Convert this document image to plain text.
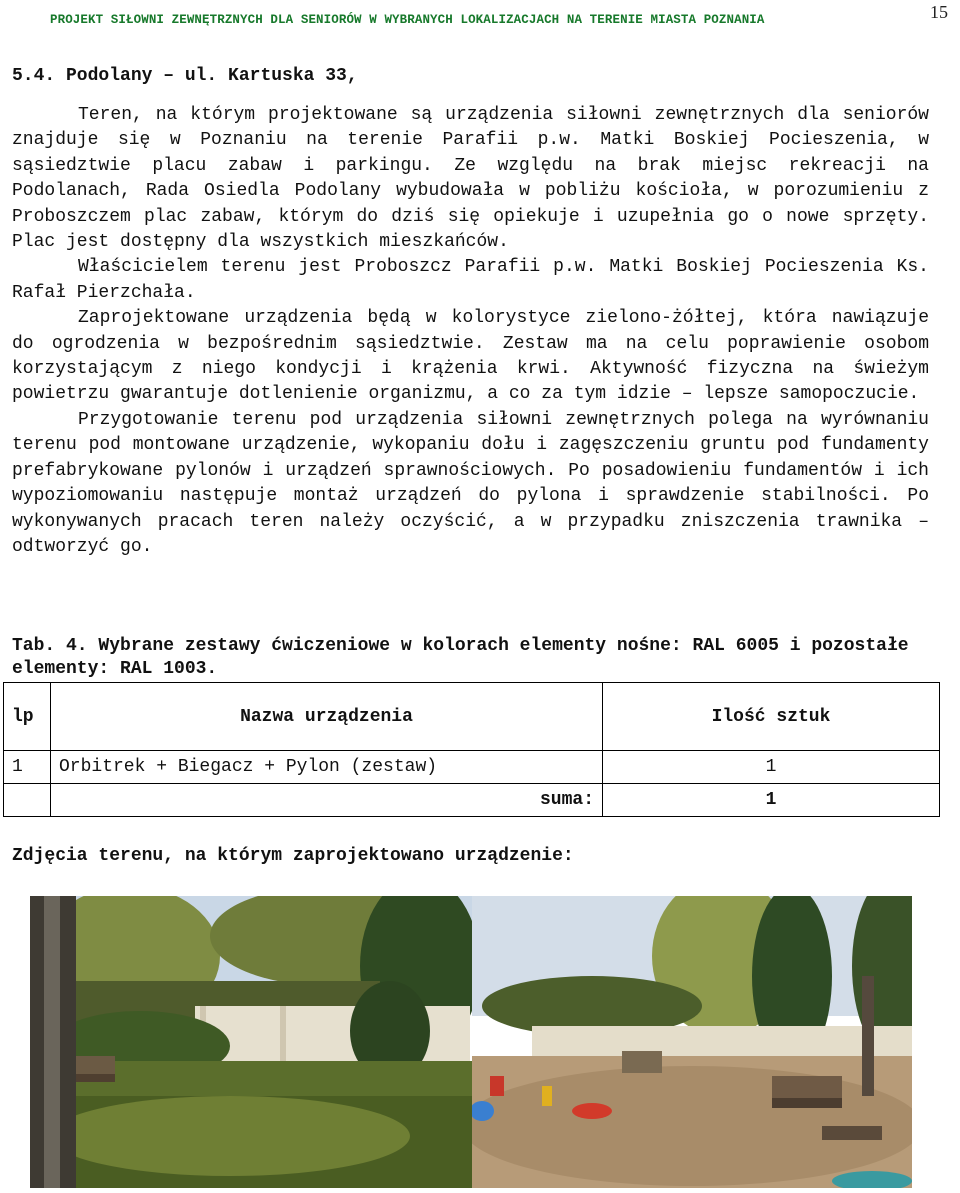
PROJEKT SIŁOWNI ZEWNĘTRZNYCH DLA SENIORÓW W WYBRANYCH LOKALIZACJACH NA TERENIE MIASTA POZNANIA	15
5.4. Podolany – ul. Kartuska 33,

Teren, na którym projektowane są urządzenia siłowni zewnętrznych dla seniorów znajduje się w Poznaniu na terenie Parafii p.w. Matki Boskiej Pocieszenia, w sąsiedztwie placu zabaw i parkingu. Ze względu na brak miejsc rekreacji na Podolanach, Rada Osiedla Podolany wybudowała w pobliżu kościoła, w porozumieniu z Proboszczem plac zabaw, którym do dziś się opiekuje i uzupełnia go o nowe sprzęty. Plac jest dostępny dla wszystkich mieszkańców.

Właścicielem terenu jest Proboszcz Parafii p.w. Matki Boskiej Pocieszenia Ks. Rafał Pierzchała.

Zaprojektowane urządzenia będą w kolorystyce zielono-żółtej, która nawiązuje do ogrodzenia w bezpośrednim sąsiedztwie. Zestaw ma na celu poprawienie osobom korzystającym z niego kondycji i krążenia krwi. Aktywność fizyczna na świeżym powietrzu gwarantuje dotlenienie organizmu, a co za tym idzie – lepsze samopoczucie.

Przygotowanie terenu pod urządzenia siłowni zewnętrznych polega na wyrównaniu terenu pod montowane urządzenie, wykopaniu dołu i zagęszczeniu gruntu pod fundamenty prefabrykowane pylonów i urządzeń sprawnościowych. Po posadowieniu fundamentów i ich wypoziomowaniu następuje montaż urządzeń do pylona i sprawdzenie stabilności. Po wykonywanych pracach teren należy oczyścić, a w przypadku zniszczenia trawnika – odtworzyć go.

Tab. 4. Wybrane zestawy ćwiczeniowe w kolorach elementy nośne: RAL 6005 i pozostałe elementy: RAL 1003.
lp	Nazwa urządzenia	Ilość sztuk
1	Orbitrek + Biegacz + Pylon (zestaw)	1
	suma:	1
Zdjęcia terenu, na którym zaprojektowano urządzenie:
